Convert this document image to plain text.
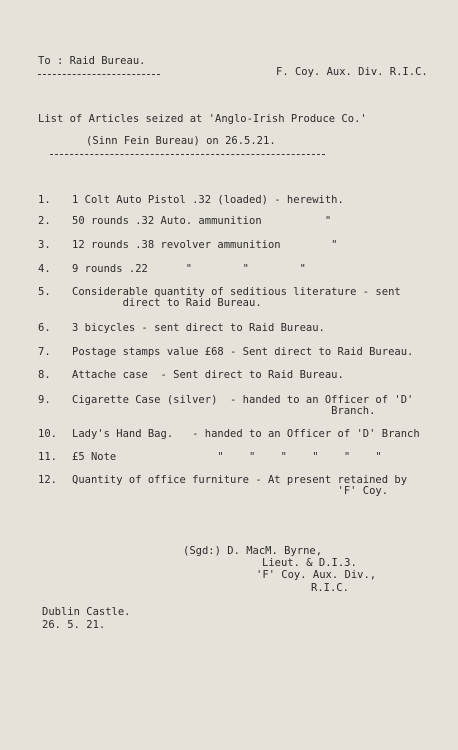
To : Raid Bureau.
F. Coy. Aux. Div. R.I.C.
List of Articles seized at 'Anglo-Irish Produce Co.'
(Sinn Fein Bureau) on 26.5.21.
1. 1 Colt Auto Pistol .32 (loaded) - herewith.
2. 50 rounds .32 Auto. ammunition          "
3. 12 rounds .38 revolver ammunition        "
4. 9 rounds .22      "        "        "
5. Considerable quantity of seditious literature - sent
direct to Raid Bureau.
6. 3 bicycles - sent direct to Raid Bureau.
7. Postage stamps value £68 - Sent direct to Raid Bureau.
8. Attache case  - Sent direct to Raid Bureau.
9. Cigarette Case (silver)  - handed to an Officer of 'D'
Branch.
10. Lady's Hand Bag.   - handed to an Officer of 'D' Branch
11. £5 Note                "    "    "    "    "    "
12. Quantity of office furniture - At present retained by
'F' Coy.
(Sgd:) D. MacM. Byrne,
Lieut. & D.I.3.
'F' Coy. Aux. Div.,
R.I.C.
Dublin Castle.
26. 5. 21.
